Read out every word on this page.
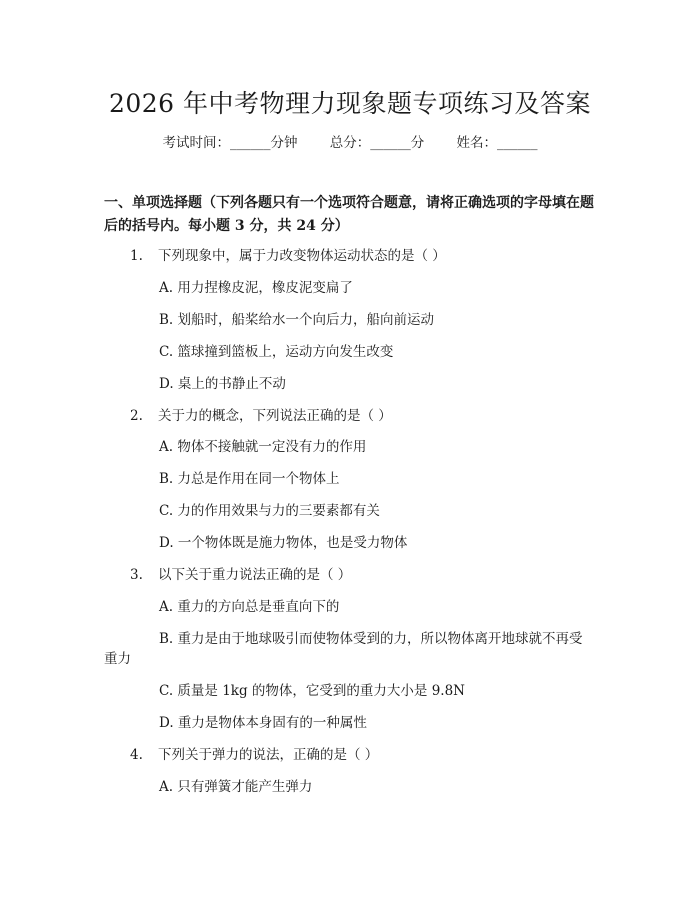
2026 年中考物理力现象题专项练习及答案
考试时间：______分钟 总分：______分 姓名：______
一、单项选择题（下列各题只有一个选项符合题意，请将正确选项的字母填在题后的括号内。每小题 3 分，共 24 分）
1. 下列现象中，属于力改变物体运动状态的是（ ）
A. 用力捏橡皮泥，橡皮泥变扁了
B. 划船时，船桨给水一个向后力，船向前运动
C. 篮球撞到篮板上，运动方向发生改变
D. 桌上的书静止不动
2. 关于力的概念，下列说法正确的是（ ）
A. 物体不接触就一定没有力的作用
B. 力总是作用在同一个物体上
C. 力的作用效果与力的三要素都有关
D. 一个物体既是施力物体，也是受力物体
3. 以下关于重力说法正确的是（ ）
A. 重力的方向总是垂直向下的
B. 重力是由于地球吸引而使物体受到的力，所以物体离开地球就不再受
重力
C. 质量是 1kg 的物体，它受到的重力大小是 9.8N
D. 重力是物体本身固有的一种属性
4. 下列关于弹力的说法，正确的是（ ）
A. 只有弹簧才能产生弹力
